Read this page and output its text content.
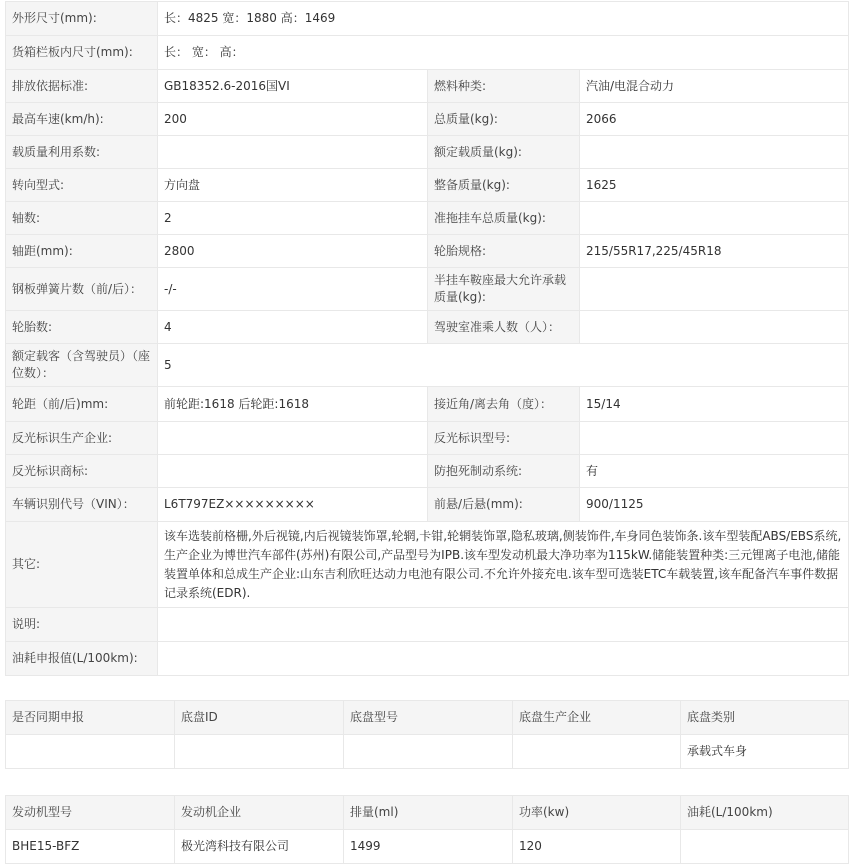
外形尺寸(mm):	长：4825 宽：1880 高：1469		
货箱栏板内尺寸(mm):	长： 宽： 高：		
排放依据标准:	GB18352.6-2016国VI	燃料种类:	汽油/电混合动力
最高车速(km/h):	200	总质量(kg):	2066
载质量利用系数:		额定载质量(kg):	
转向型式:	方向盘	整备质量(kg):	1625
轴数:	2	准拖挂车总质量(kg):	
轴距(mm):	2800	轮胎规格:	215/55R17,225/45R18
钢板弹簧片数（前/后）：	-/-	半挂车鞍座最大允许承载质量(kg):	
轮胎数:	4	驾驶室准乘人数（人）：	
额定载客（含驾驶员）（座位数）：	5		
轮距（前/后)mm:	前轮距:1618 后轮距:1618	接近角/离去角（度）：	15/14
反光标识生产企业:		反光标识型号:	
反光标识商标:		防抱死制动系统:	有
车辆识别代号（VIN）：	L6T797EZ×××××××××	前悬/后悬(mm):	900/1125
其它:	该车选装前格栅,外后视镜,内后视镜装饰罩,轮辋,卡钳,轮辋装饰罩,隐私玻璃,侧装饰件,车身同色装饰条.该车型装配ABS/EBS系统,生产企业为博世汽车部件(苏州)有限公司,产品型号为IPB.该车型发动机最大净功率为115kW.储能装置种类:三元锂离子电池,储能装置单体和总成生产企业:山东吉利欣旺达动力电池有限公司.不允许外接充电.该车型可选装ETC车载装置,该车配备汽车事件数据记录系统(EDR).		
说明:			
油耗申报值(L/100km):			
是否同期申报	底盘ID	底盘型号	底盘生产企业	底盘类别
				承载式车身
发动机型号	发动机企业	排量(ml)	功率(kw)	油耗(L/100km)
BHE15-BFZ	极光湾科技有限公司	1499	120	
